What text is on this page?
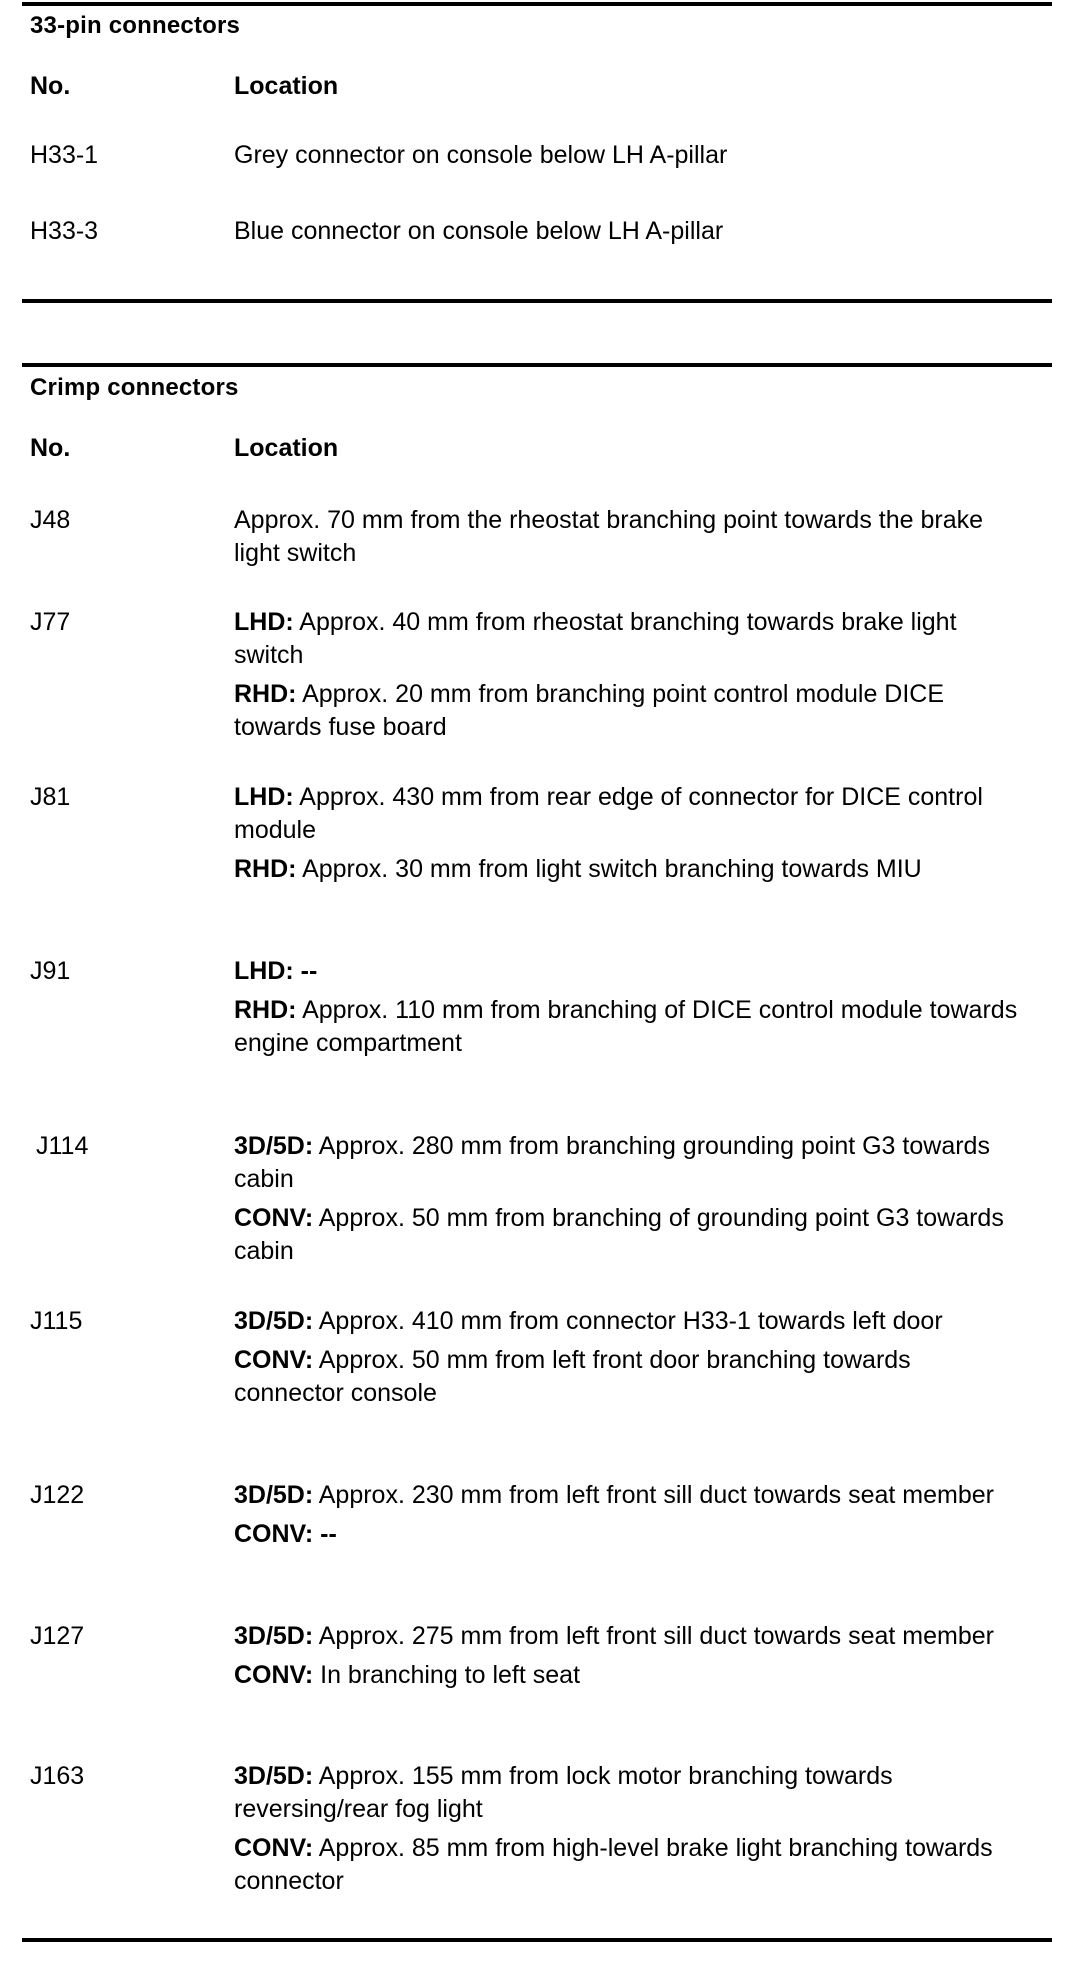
33-pin connectors
No.	Location
H33-1	Grey connector on console below LH A-pillar
H33-3	Blue connector on console below LH A-pillar
Crimp connectors
No.	Location
J48	Approx. 70 mm from the rheostat branching point towards the brake light switch

J77	LHD: Approx. 40 mm from rheostat branching towards brake light switch

RHD: Approx. 20 mm from branching point control module DICE towards fuse board

J81	LHD: Approx. 430 mm from rear edge of connector for DICE control module

RHD: Approx. 30 mm from light switch branching towards MIU

J91	LHD: --

RHD: Approx. 110 mm from branching of DICE control module towards engine compartment

J114	3D/5D: Approx. 280 mm from branching grounding point G3 towards cabin

CONV: Approx. 50 mm from branching of grounding point G3 towards cabin

J115	3D/5D: Approx. 410 mm from connector H33-1 towards left door

CONV: Approx. 50 mm from left front door branching towards connector console

J122	3D/5D: Approx. 230 mm from left front sill duct towards seat member

CONV: --

J127	3D/5D: Approx. 275 mm from left front sill duct towards seat member

CONV: In branching to left seat

J163	3D/5D: Approx. 155 mm from lock motor branching towards reversing/rear fog light

CONV: Approx. 85 mm from high-level brake light branching towards connector
